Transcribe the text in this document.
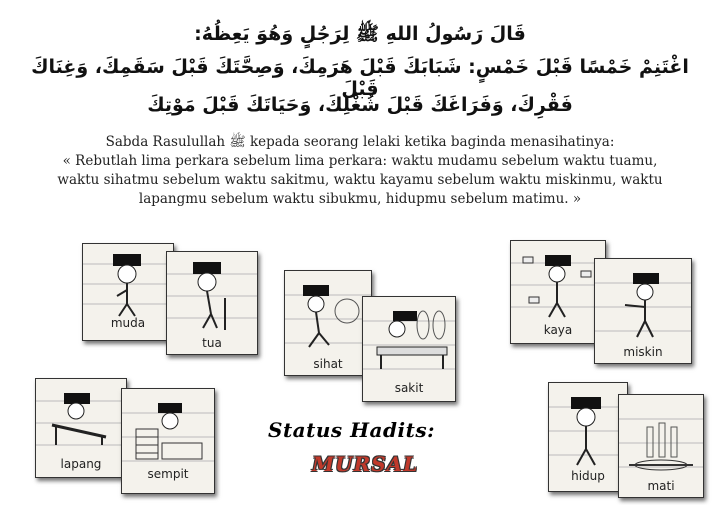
قَالَ رَسُولُ اللهِ ﷺ لِرَجُلٍ وَهُوَ يَعِظُهُ:
اغْتَنِمْ خَمْسًا قَبْلَ خَمْسٍ: شَبَابَكَ قَبْلَ هَرَمِكَ، وَصِحَّتَكَ قَبْلَ سَقَمِكَ، وَغِنَاكَ قَبْلَ
فَقْرِكَ، وَفَرَاغَكَ قَبْلَ شُغْلِكَ، وَحَيَاتَكَ قَبْلَ مَوْتِكَ
Sabda Rasulullah ﷺ kepada seorang lelaki ketika baginda menasihatinya:
« Rebutlah lima perkara sebelum lima perkara: waktu mudamu sebelum waktu tuamu, waktu sihatmu sebelum waktu sakitmu, waktu kayamu sebelum waktu miskinmu, waktu lapangmu sebelum waktu sibukmu, hidupmu sebelum matimu. »
muda
tua
sihat
sakit
kaya
miskin
lapang
sempit	hidup
mati
Status Hadits:
MURSAL
